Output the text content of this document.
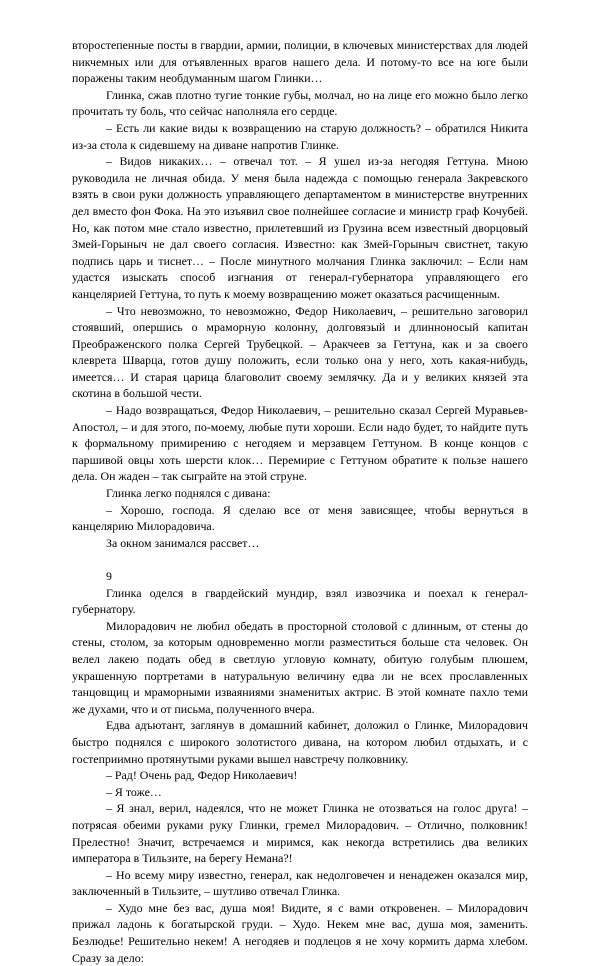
второстепенные посты в гвардии, армии, полиции, в ключевых министерствах для людей никчемных или для отъявленных врагов нашего дела. И потому-то все на юге были поражены таким необдуманным шагом Глинки…

Глинка, сжав плотно тугие тонкие губы, молчал, но на лице его можно было легко прочитать ту боль, что сейчас наполняла его сердце.

– Есть ли какие виды к возвращению на старую должность? – обратился Никита из-за стола к сидевшему на диване напротив Глинке.

– Видов никаких… – отвечал тот. – Я ушел из-за негодяя Геттуна. Мною руководила не личная обида. У меня была надежда с помощью генерала Закревского взять в свои руки должность управляющего департаментом в министерстве внутренних дел вместо фон Фока. На это изъявил свое полнейшее согласие и министр граф Кочубей. Но, как потом мне стало известно, прилетевший из Грузина всем известный дворцовый Змей-Горыныч не дал своего согласия. Известно: как Змей-Горыныч свистнет, такую подпись царь и тиснет… – После минутного молчания Глинка заключил: – Если нам удастся изыскать способ изгнания от генерал-губернатора управляющего его канцелярией Геттуна, то путь к моему возвращению может оказаться расчищенным.

– Что невозможно, то невозможно, Федор Николаевич, – решительно заговорил стоявший, опершись о мраморную колонну, долговязый и длинноносый капитан Преображенского полка Сергей Трубецкой. – Аракчеев за Геттуна, как и за своего клеврета Шварца, готов душу положить, если только она у него, хоть какая-нибудь, имеется… И старая царица благоволит своему землячку. Да и у великих князей эта скотина в большой чести.

– Надо возвращаться, Федор Николаевич, – решительно сказал Сергей Муравьев-Апостол, – и для этого, по-моему, любые пути хороши. Если надо будет, то найдите путь к формальному примирению с негодяем и мерзавцем Геттуном. В конце концов с паршивой овцы хоть шерсти клок… Перемирие с Геттуном обратите к пользе нашего дела. Он жаден – так сыграйте на этой струне.

Глинка легко поднялся с дивана:

– Хорошо, господа. Я сделаю все от меня зависящее, чтобы вернуться в канцелярию Милорадовича.

За окном занимался рассвет…

9

Глинка оделся в гвардейский мундир, взял извозчика и поехал к генерал-губернатору.

Милорадович не любил обедать в просторной столовой с длинным, от стены до стены, столом, за которым одновременно могли разместиться больше ста человек. Он велел лакею подать обед в светлую угловую комнату, обитую голубым плюшем, украшенную портретами в натуральную величину едва ли не всех прославленных танцовщиц и мраморными изваяниями знаменитых актрис. В этой комнате пахло теми же духами, что и от письма, полученного вчера.

Едва адъютант, заглянув в домашний кабинет, доложил о Глинке, Милорадович быстро поднялся с широкого золотистого дивана, на котором любил отдыхать, и с гостеприимно протянутыми руками вышел навстречу полковнику.

– Рад! Очень рад, Федор Николаевич!

– Я тоже…

– Я знал, верил, надеялся, что не может Глинка не отозваться на голос друга! – потрясая обеими руками руку Глинки, гремел Милорадович. – Отлично, полковник! Прелестно! Значит, встречаемся и миримся, как некогда встретились два великих императора в Тильзите, на берегу Немана?!

– Но всему миру известно, генерал, как недолговечен и ненадежен оказался мир, заключенный в Тильзите, – шутливо отвечал Глинка.

– Худо мне без вас, душа моя! Видите, я с вами откровенен. – Милорадович прижал ладонь к богатырской груди. – Худо. Некем мне вас, душа моя, заменить. Безлюдье! Решительно некем! А негодяев и подлецов я не хочу кормить дарма хлебом. Сразу за дело:
